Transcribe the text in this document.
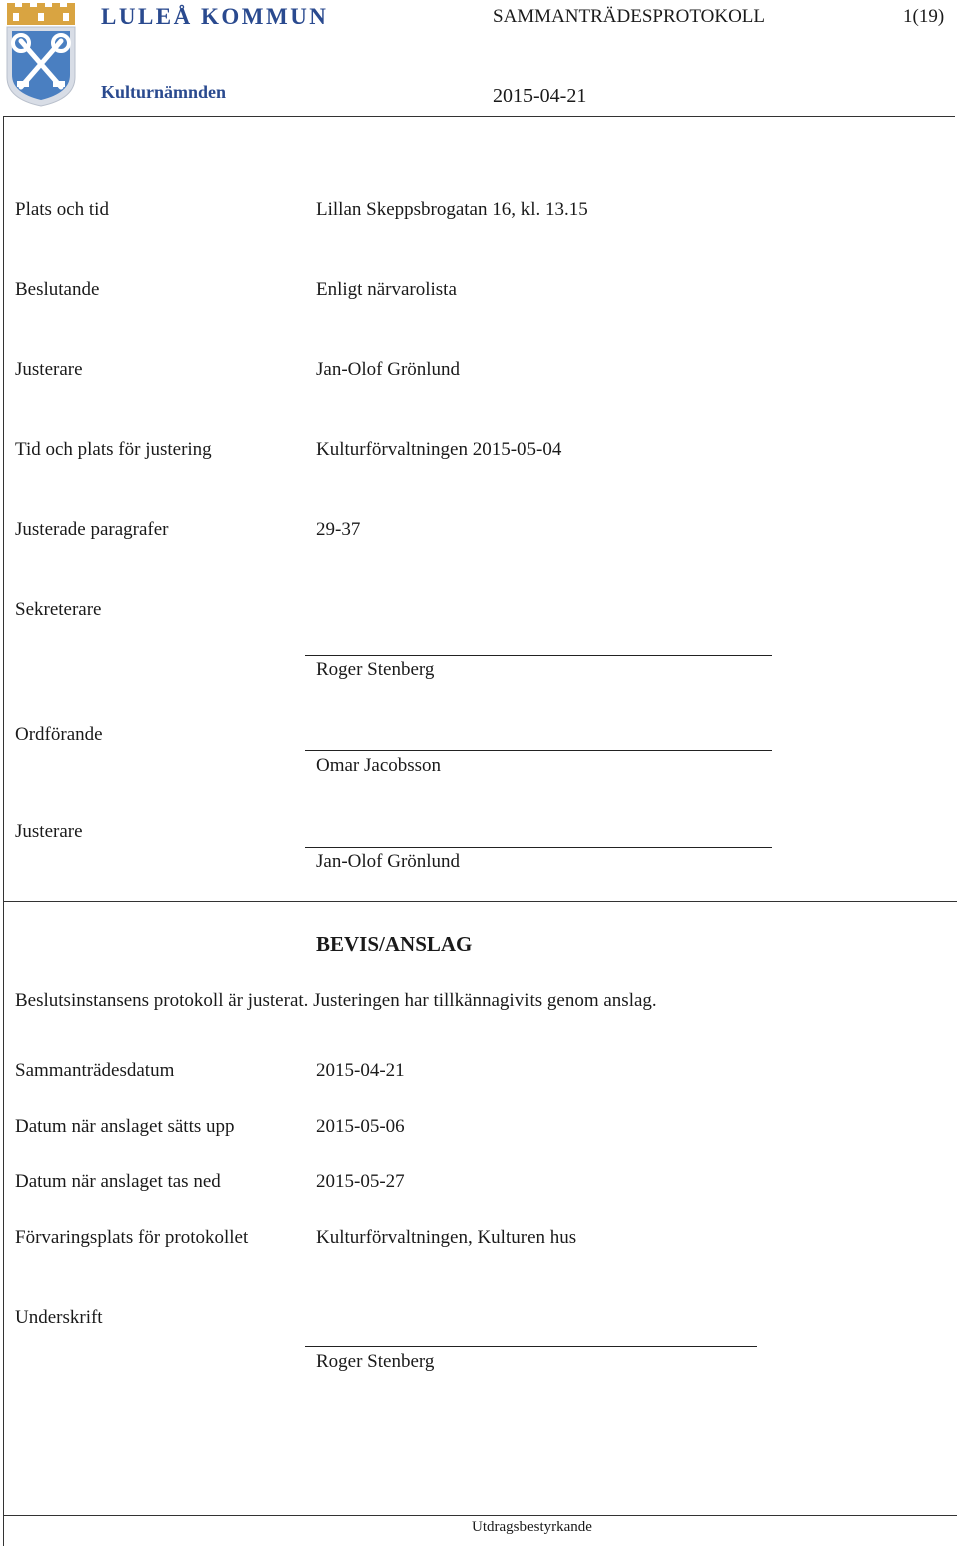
LULEÅ KOMMUN
Kulturnämnden
SAMMANTRÄDESPROTOKOLL	1(19)
2015-04-21
Plats och tid	Lillan Skeppsbrogatan 16, kl. 13.15
Beslutande	Enligt närvarolista
Justerare	Jan-Olof Grönlund
Tid och plats för justering	Kulturförvaltningen 2015-05-04
Justerade paragrafer	29-37
Sekreterare
Roger Stenberg
Ordförande
Omar Jacobsson
Justerare
Jan-Olof Grönlund
BEVIS/ANSLAG
Beslutsinstansens protokoll är justerat. Justeringen har tillkännagivits genom anslag.
Sammanträdesdatum	2015-04-21
Datum när anslaget sätts upp	2015-05-06
Datum när anslaget tas ned	2015-05-27
Förvaringsplats för protokollet	Kulturförvaltningen, Kulturen hus
Underskrift
Roger Stenberg
Utdragsbestyrkande
